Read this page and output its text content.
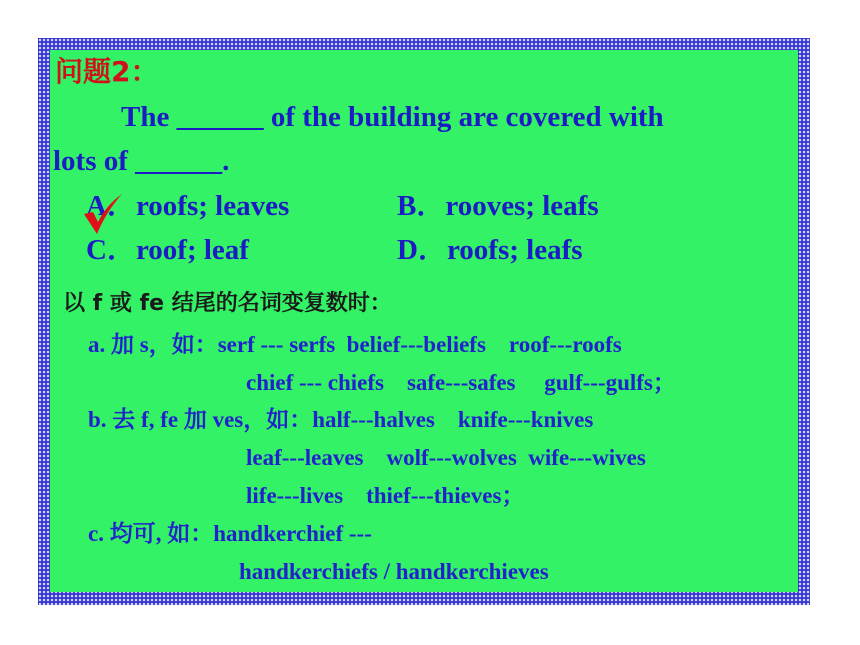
问题2：
The ______ of the building are covered with
lots of ______.
A．roofs; leaves	B．rooves; leafs
C．roof; leaf	D．roofs; leafs
以 f 或 fe 结尾的名词变复数时：
a. 加 s，如：serf --- serfs  belief---beliefs    roof---roofs
chief --- chiefs    safe---safes     gulf---gulfs；
b. 去 f, fe 加 ves，如：half---halves    knife---knives
leaf---leaves    wolf---wolves  wife---wives
life---lives    thief---thieves；
c. 均可, 如：handkerchief ---
handkerchiefs / handkerchieves
